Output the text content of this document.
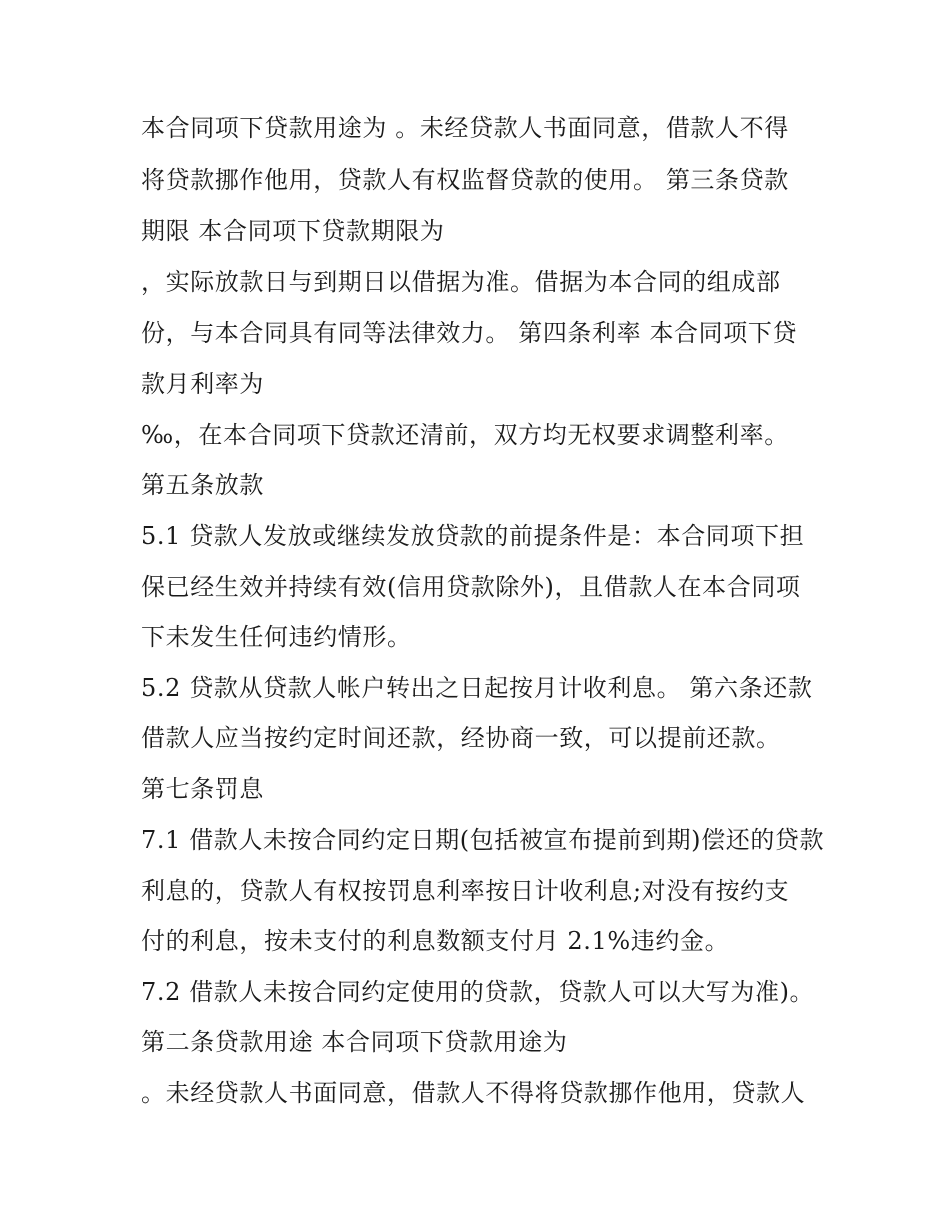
本合同项下贷款用途为 。未经贷款人书面同意，借款人不得
将贷款挪作他用，贷款人有权监督贷款的使用。 第三条贷款
期限 本合同项下贷款期限为
，实际放款日与到期日以借据为准。借据为本合同的组成部
份，与本合同具有同等法律效力。 第四条利率 本合同项下贷
款月利率为
‰，在本合同项下贷款还清前，双方均无权要求调整利率。
第五条放款
5.1 贷款人发放或继续发放贷款的前提条件是：本合同项下担
保已经生效并持续有效(信用贷款除外)，且借款人在本合同项
下未发生任何违约情形。
5.2 贷款从贷款人帐户转出之日起按月计收利息。 第六条还款
借款人应当按约定时间还款，经协商一致，可以提前还款。
第七条罚息
7.1 借款人未按合同约定日期(包括被宣布提前到期)偿还的贷款
利息的，贷款人有权按罚息利率按日计收利息;对没有按约支
付的利息，按未支付的利息数额支付月 2.1%违约金。
7.2 借款人未按合同约定使用的贷款，贷款人可以大写为准)。
第二条贷款用途 本合同项下贷款用途为
。未经贷款人书面同意，借款人不得将贷款挪作他用，贷款人
